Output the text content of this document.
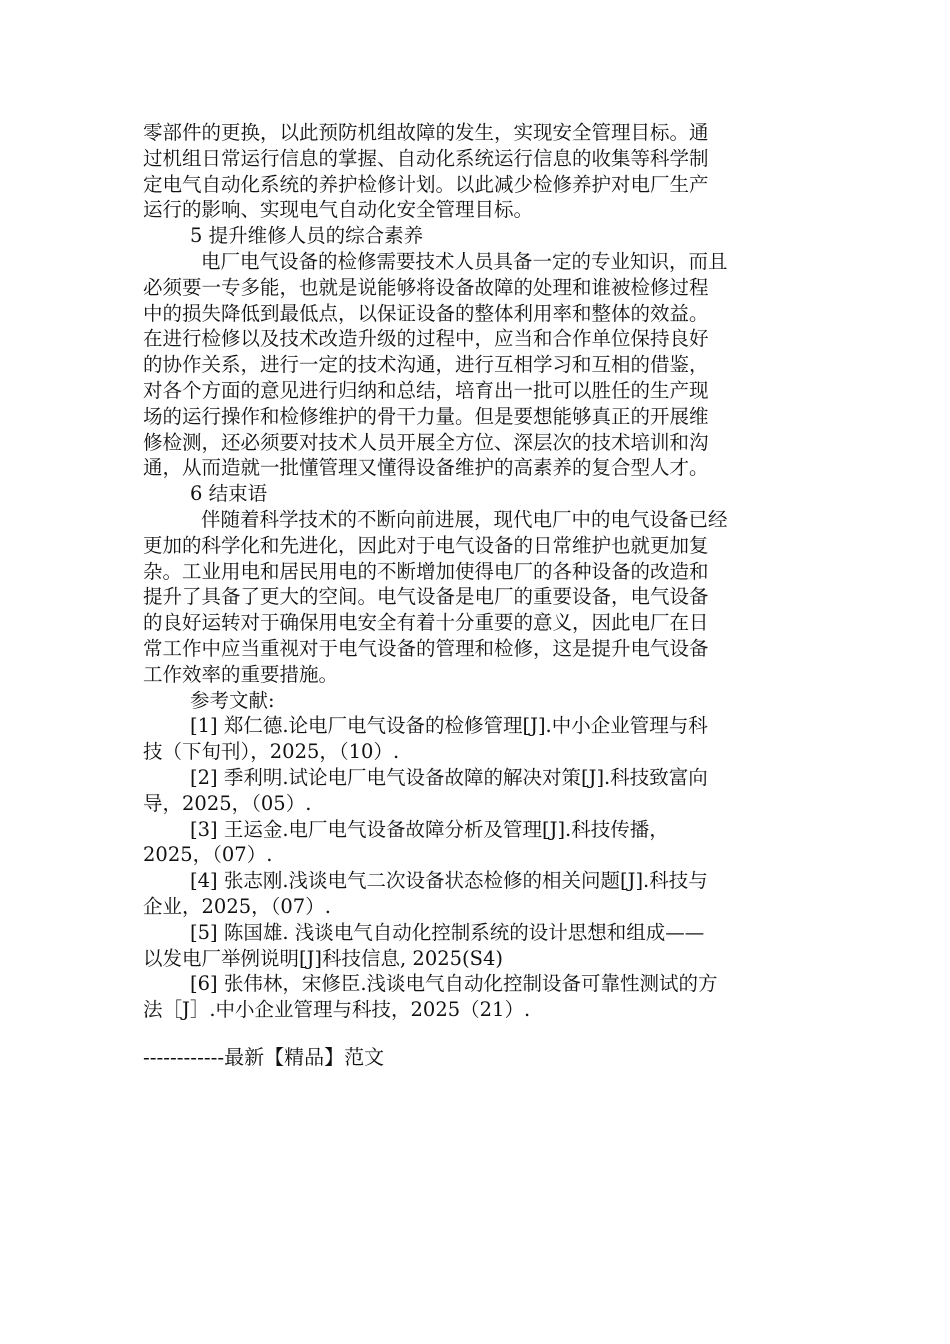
零部件的更换，以此预防机组故障的发生，实现安全管理目标。通
过机组日常运行信息的掌握、自动化系统运行信息的收集等科学制
定电气自动化系统的养护检修计划。以此减少检修养护对电厂生产
运行的影响、实现电气自动化安全管理目标。
5 提升维修人员的综合素养
电厂电气设备的检修需要技术人员具备一定的专业知识，而且
必须要一专多能，也就是说能够将设备故障的处理和谁被检修过程
中的损失降低到最低点，以保证设备的整体利用率和整体的效益。
在进行检修以及技术改造升级的过程中，应当和合作单位保持良好
的协作关系，进行一定的技术沟通，进行互相学习和互相的借鉴，
对各个方面的意见进行归纳和总结，培育出一批可以胜任的生产现
场的运行操作和检修维护的骨干力量。但是要想能够真正的开展维
修检测，还必须要对技术人员开展全方位、深层次的技术培训和沟
通，从而造就一批懂管理又懂得设备维护的高素养的复合型人才。
6 结束语
伴随着科学技术的不断向前进展，现代电厂中的电气设备已经
更加的科学化和先进化，因此对于电气设备的日常维护也就更加复
杂。工业用电和居民用电的不断增加使得电厂的各种设备的改造和
提升了具备了更大的空间。电气设备是电厂的重要设备，电气设备
的良好运转对于确保用电安全有着十分重要的意义，因此电厂在日
常工作中应当重视对于电气设备的管理和检修，这是提升电气设备
工作效率的重要措施。
参考文献:
[1] 郑仁德.论电厂电气设备的检修管理[J].中小企业管理与科
技（下旬刊），2025，（10）.
[2] 季利明.试论电厂电气设备故障的解决对策[J].科技致富向
导，2025，（05）.
[3] 王运金.电厂电气设备故障分析及管理[J].科技传播，
2025，（07）.
[4] 张志刚.浅谈电气二次设备状态检修的相关问题[J].科技与
企业，2025，（07）.
[5] 陈国雄. 浅谈电气自动化控制系统的设计思想和组成——
以发电厂举例说明[J]科技信息, 2025(S4)
[6] 张伟林，宋修臣.浅谈电气自动化控制设备可靠性测试的方
法［J］.中小企业管理与科技，2025（21）.
------------最新【精品】范文
